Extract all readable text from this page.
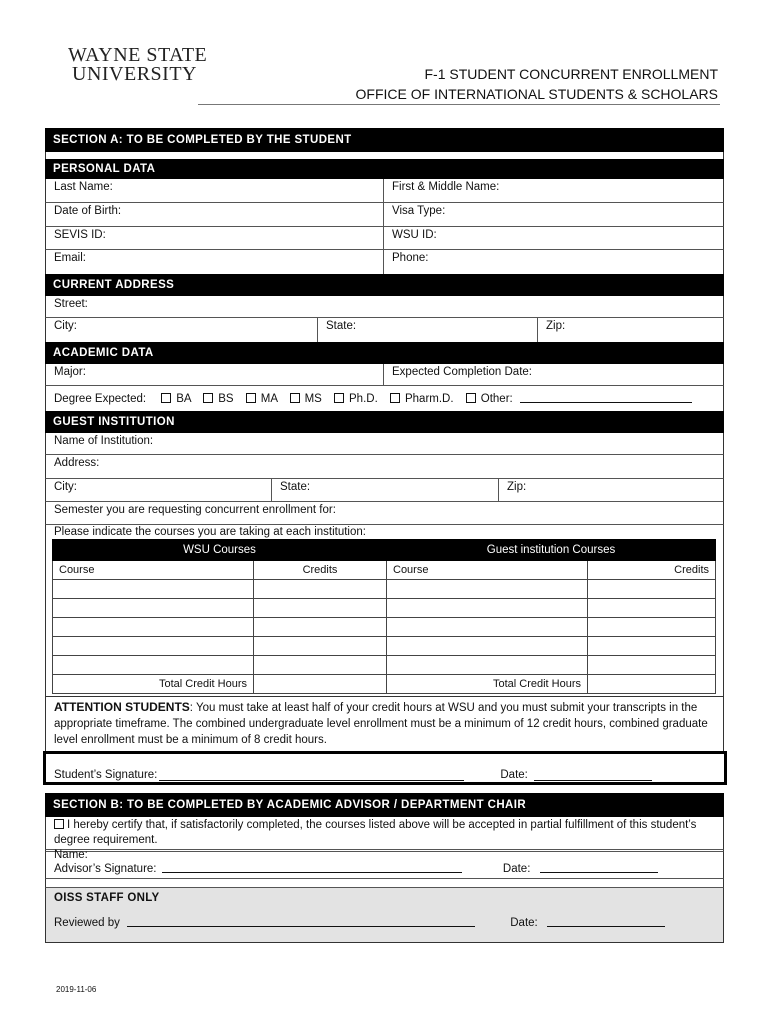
WAYNE STATE
UNIVERSITY	F-1 STUDENT CONCURRENT ENROLLMENT
OFFICE OF INTERNATIONAL STUDENTS & SCHOLARS
SECTION A: TO BE COMPLETED BY THE STUDENT
PERSONAL DATA
Last Name:	First & Middle Name:
Date of Birth:	Visa Type:
SEVIS ID:	WSU ID:
Email:	Phone:
CURRENT ADDRESS
Street:
City:	State:	Zip:
ACADEMIC DATA
Major:	Expected Completion Date:
Degree Expected:	BA BS MA MS Ph.D. Pharm.D. Other:
GUEST INSTITUTION
Name of Institution:
Address:
City:	State:	Zip:
Semester you are requesting concurrent enrollment for:
Please indicate the courses you are taking at each institution:
WSU Courses		Guest institution Courses	
Course	Credits	Course	Credits

Total Credit Hours		Total Credit Hours	
ATTENTION STUDENTS: You must take at least half of your credit hours at WSU and you must submit your transcripts in the appropriate timeframe. The combined undergraduate level enrollment must be a minimum of 12 credit hours, combined graduate level enrollment must be a minimum of 8 credit hours.
Student’s Signature:	Date:
SECTION B: TO BE COMPLETED BY ACADEMIC ADVISOR / DEPARTMENT CHAIR
I hereby certify that, if satisfactorily completed, the courses listed above will be accepted in partial fulfillment of this student’s degree requirement.
Name:
Advisor’s Signature:	Date:
OISS STAFF ONLY
Reviewed by	Date:
2019-11-06
